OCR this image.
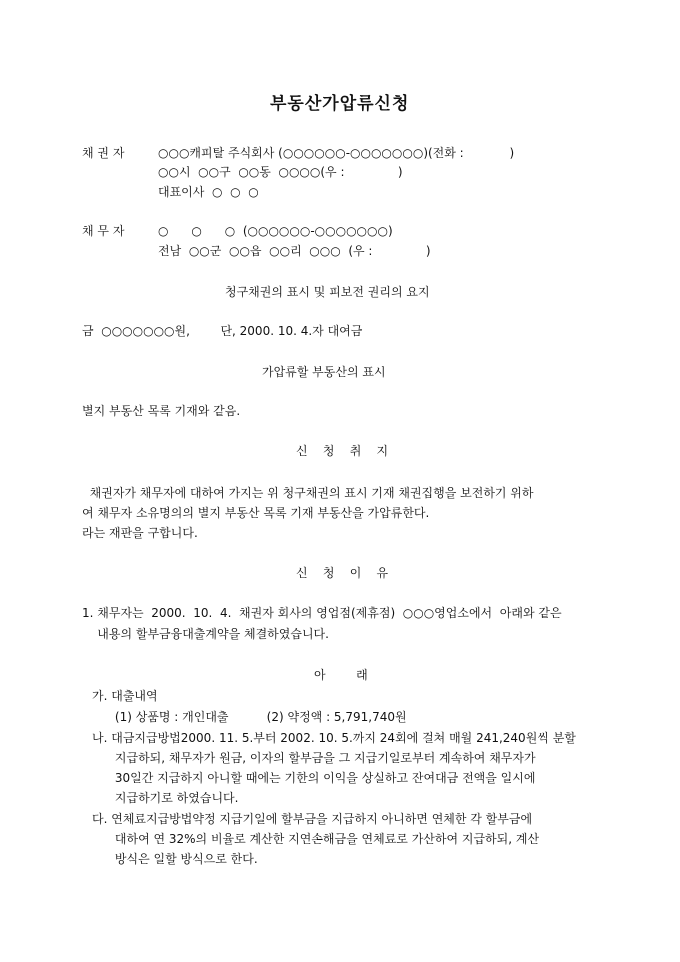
부동산가압류신청
채 권 자	○○○캐피탈 주식회사 (○○○○○○-○○○○○○○)(전화 :            )
○○시  ○○구  ○○동  ○○○○(우 :              )
대표이사  ○  ○  ○
채 무 자	○      ○      ○  (○○○○○○-○○○○○○○)
전남  ○○군  ○○읍  ○○리  ○○○  (우 :              )
청구채권의 표시 및 피보전 권리의 요지
금  ○○○○○○○원,        단, 2000. 10. 4.자 대여금
가압류할 부동산의 표시
별지 부동산 목록 기재와 같음.
신    청    취    지
채권자가 채무자에 대하여 가지는 위 청구채권의 표시 기재 채권집행을 보전하기 위하
여 채무자 소유명의의 별지 부동산 목록 기재 부동산을 가압류한다.
라는 재판을 구합니다.
신    청    이    유
1. 채무자는  2000.  10.  4.  채권자 회사의 영업점(제휴점)  ○○○영업소에서  아래와 같은
내용의 할부금융대출계약을 체결하였습니다.
아        래
가. 대출내역
(1) 상품명 : 개인대출          (2) 약정액 : 5,791,740원
나. 대금지급방법2000. 11. 5.부터 2002. 10. 5.까지 24회에 걸쳐 매월 241,240원씩 분할
지급하되, 채무자가 원금, 이자의 할부금을 그 지급기일로부터 계속하여 채무자가
30일간 지급하지 아니할 때에는 기한의 이익을 상실하고 잔여대금 전액을 일시에
지급하기로 하였습니다.
다. 연체료지급방법약정 지급기일에 할부금을 지급하지 아니하면 연체한 각 할부금에
대하여 연 32%의 비율로 계산한 지연손해금을 연체료로 가산하여 지급하되, 계산
방식은 일할 방식으로 한다.
